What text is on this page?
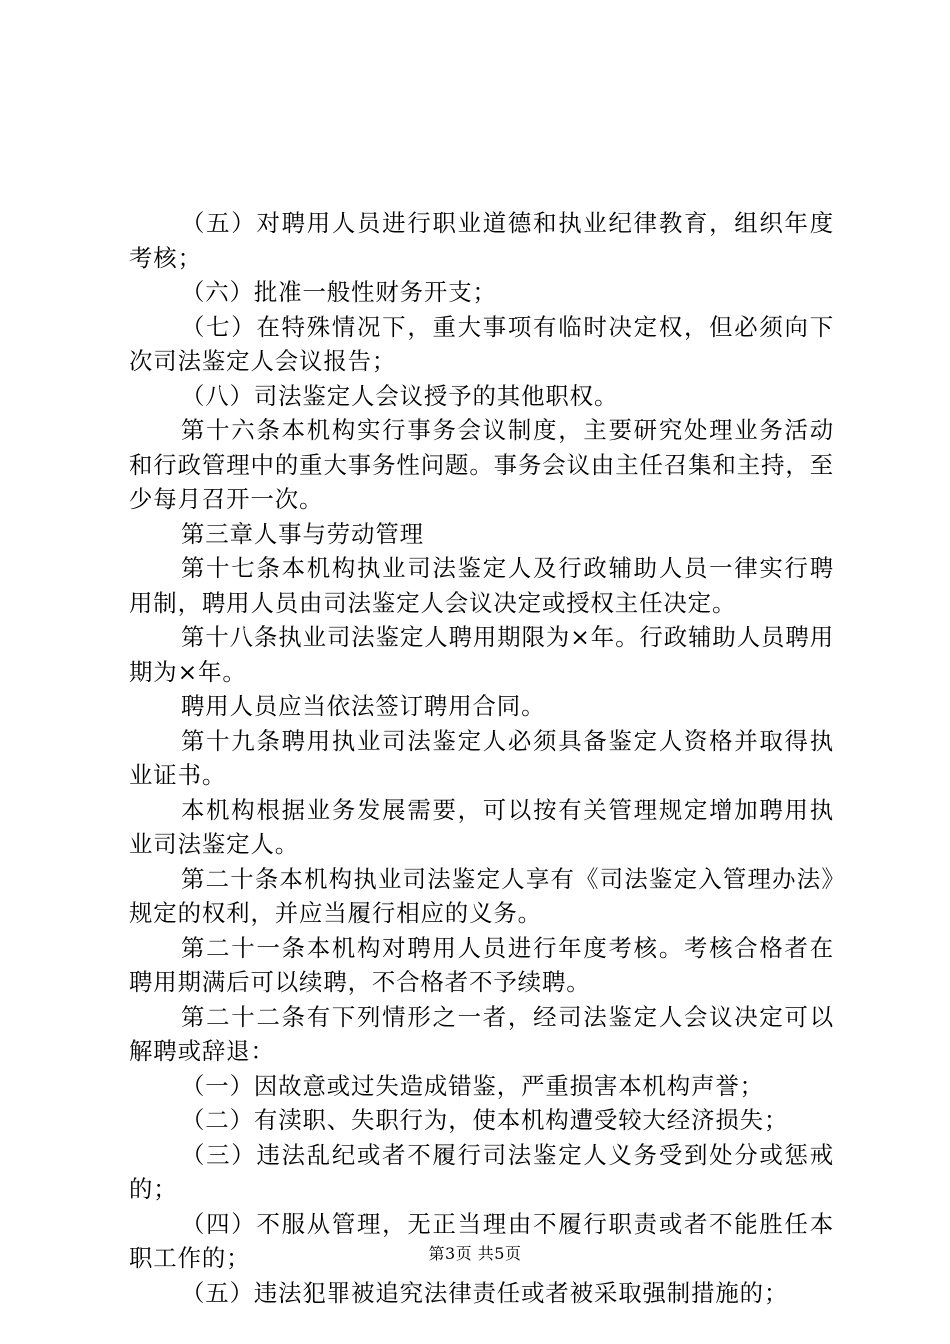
（五）对聘用人员进行职业道德和执业纪律教育，组织年度考核；

（六）批准一般性财务开支；

（七）在特殊情况下，重大事项有临时决定权，但必须向下次司法鉴定人会议报告；

（八）司法鉴定人会议授予的其他职权。

第十六条本机构实行事务会议制度，主要研究处理业务活动和行政管理中的重大事务性问题。事务会议由主任召集和主持，至少每月召开一次。

第三章人事与劳动管理

第十七条本机构执业司法鉴定人及行政辅助人员一律实行聘用制，聘用人员由司法鉴定人会议决定或授权主任决定。

第十八条执业司法鉴定人聘用期限为×年。行政辅助人员聘用期为×年。

聘用人员应当依法签订聘用合同。

第十九条聘用执业司法鉴定人必须具备鉴定人资格并取得执业证书。

本机构根据业务发展需要，可以按有关管理规定增加聘用执业司法鉴定人。

第二十条本机构执业司法鉴定人享有《司法鉴定入管理办法》规定的权利，并应当履行相应的义务。

第二十一条本机构对聘用人员进行年度考核。考核合格者在聘用期满后可以续聘，不合格者不予续聘。

第二十二条有下列情形之一者，经司法鉴定人会议决定可以解聘或辞退：

（一）因故意或过失造成错鉴，严重损害本机构声誉；

（二）有渎职、失职行为，使本机构遭受较大经济损失；

（三）违法乱纪或者不履行司法鉴定人义务受到处分或惩戒的；

（四）不服从管理，无正当理由不履行职责或者不能胜任本职工作的；

（五）违法犯罪被追究法律责任或者被采取强制措施的；

第3页 共5页
